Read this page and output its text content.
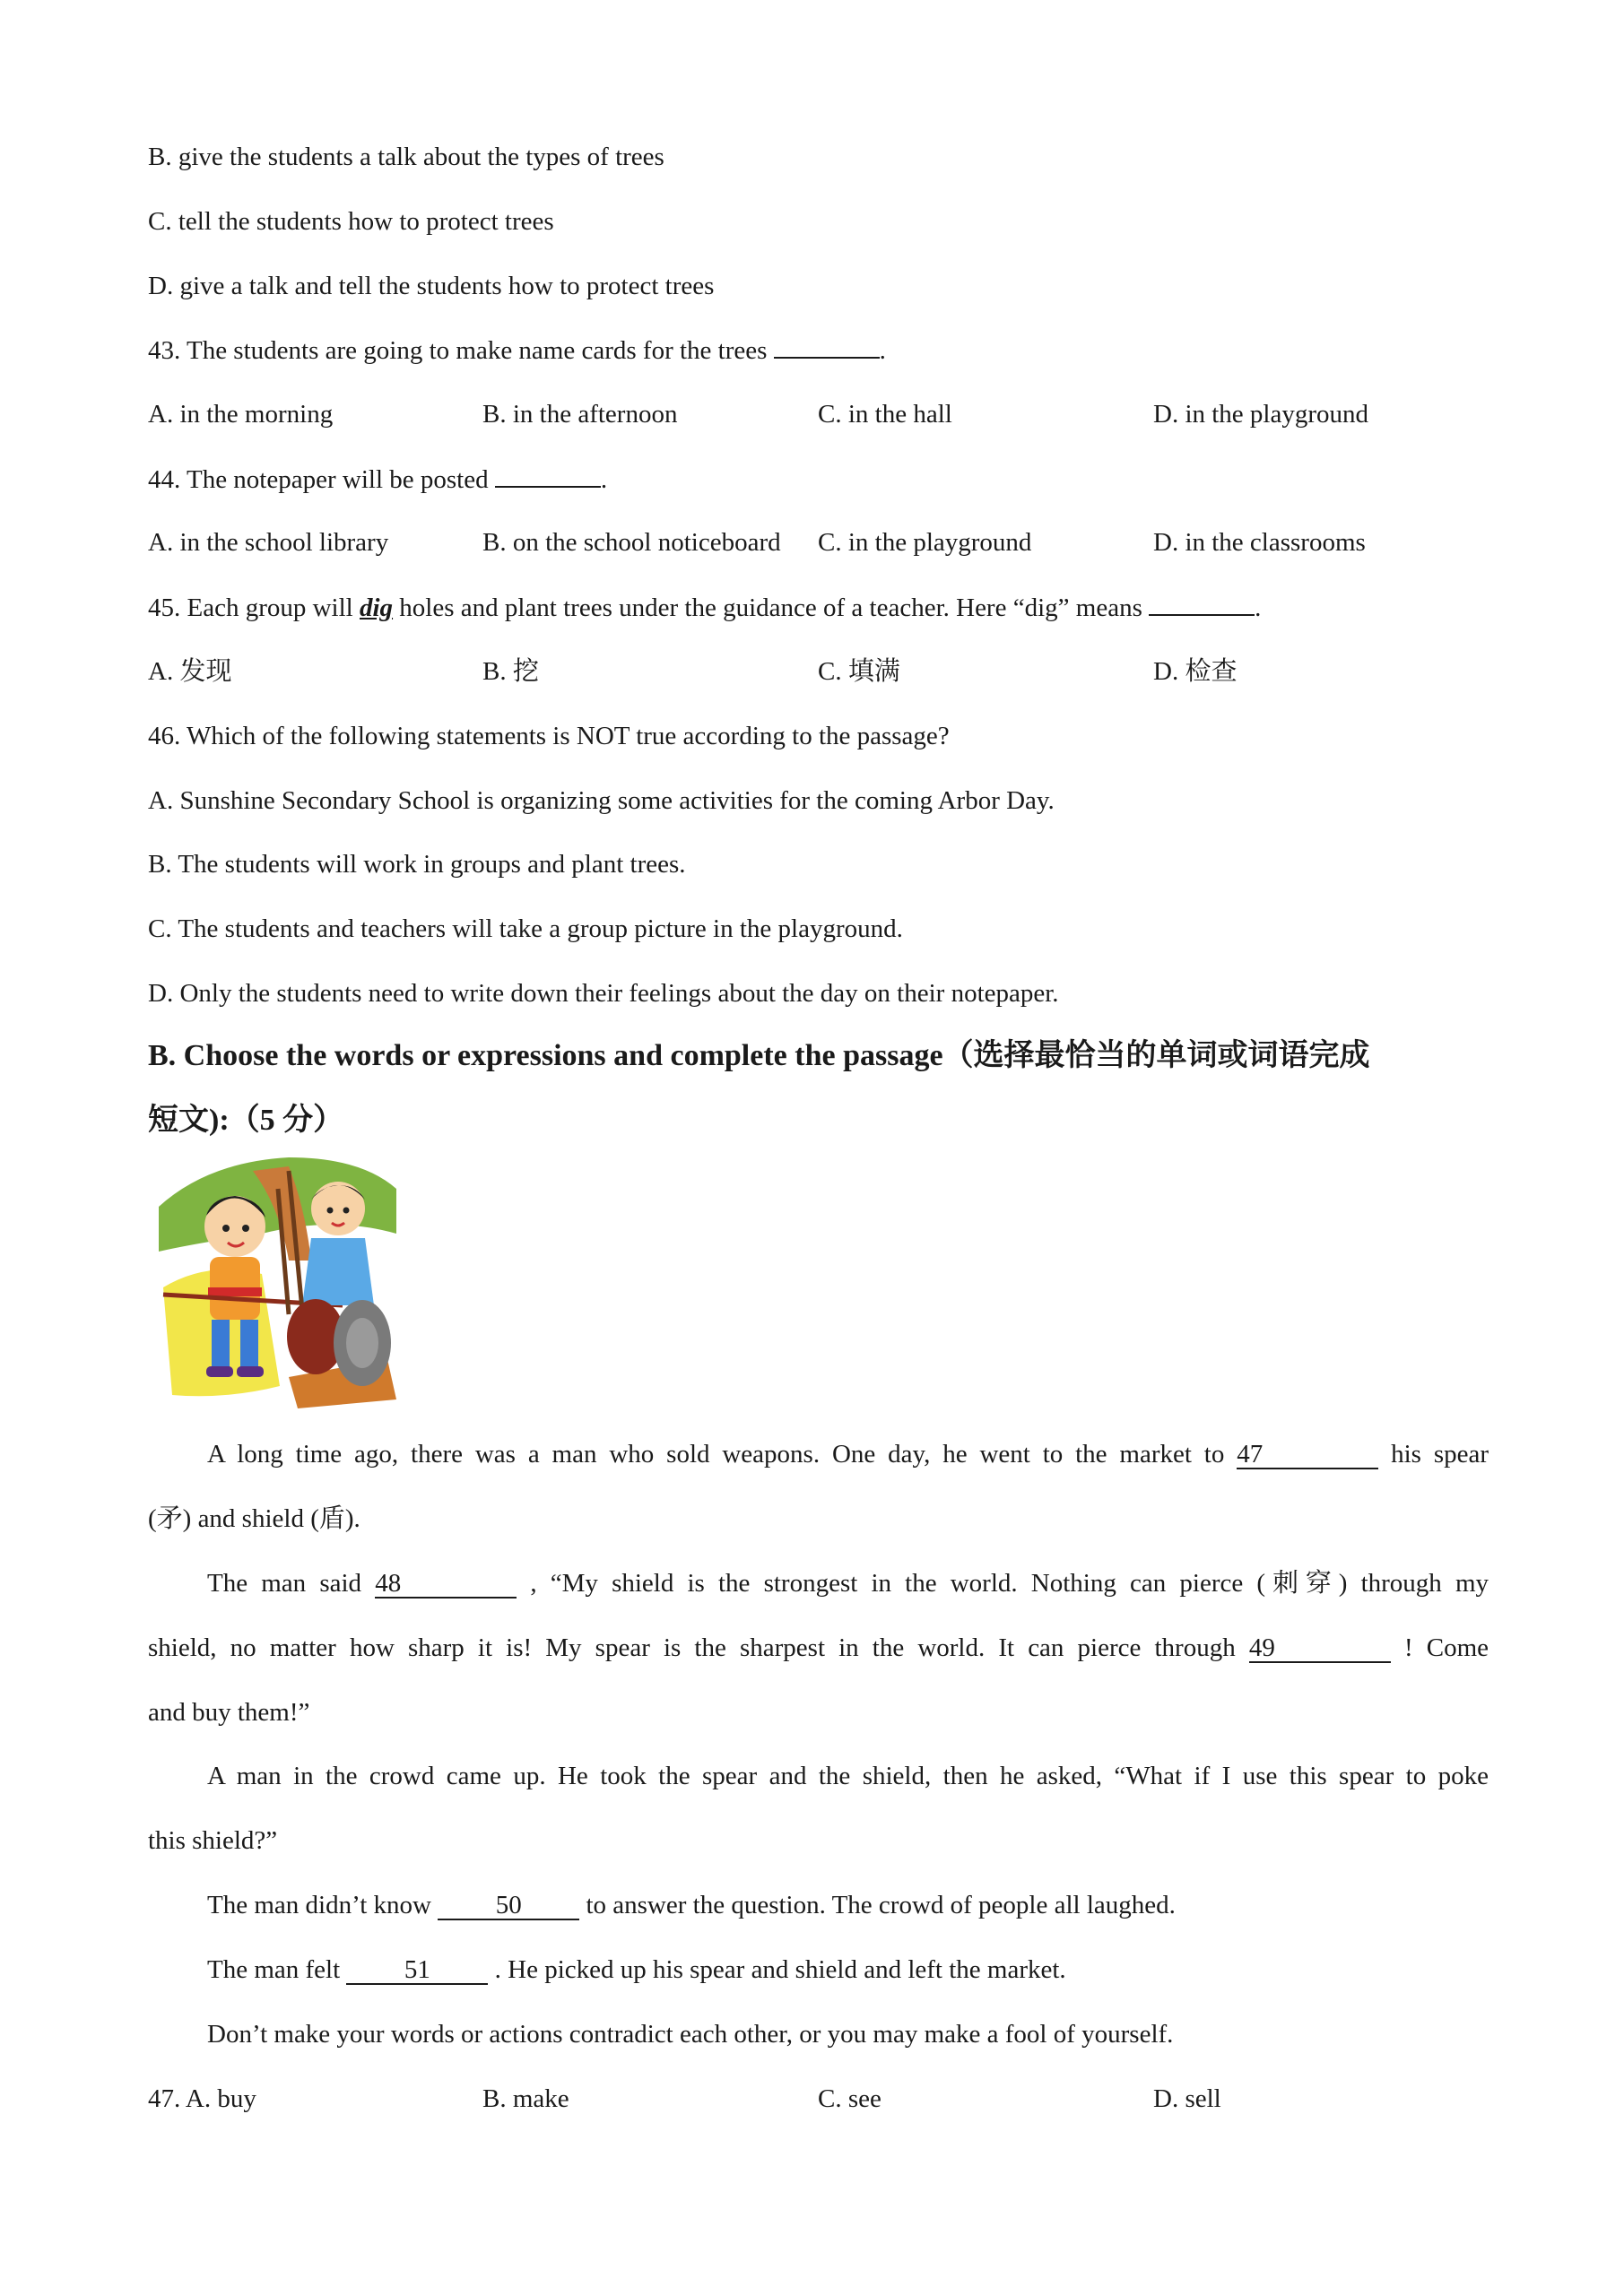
B. give the students a talk about the types of trees
C. tell the students how to protect trees
D. give a talk and tell the students how to protect trees
43. The students are going to make name cards for the trees	.
A. in the morning	B. in the afternoon	C. in the hall	D. in the playground
44. The notepaper will be posted	.
A. in the school library	B. on the school noticeboard C. in the playground	D. in the classrooms
45. Each group will dig holes and plant trees under the guidance of a teacher. Here “dig” means	.
A. 发现	B. 挖	C. 填满	D. 检查
46. Which of the following statements is NOT true according to the passage?
A. Sunshine Secondary School is organizing some activities for the coming Arbor Day.
B. The students will work in groups and plant trees.
C. The students and teachers will take a group picture in the playground.
D. Only the students need to write down their feelings about the day on their notepaper.
B. Choose the words or expressions and complete the passage（选择最恰当的单词或词语完成
短文):（5 分）
A long time ago, there was a man who sold weapons. One day, he went to the market to 47	his spear
(矛) and shield (盾).
The man said 48	, “My shield is the strongest in the world. Nothing can pierce (刺穿) through my
shield, no matter how sharp it is! My spear is the sharpest in the world. It can pierce through 49	! Come
and buy them!”
A man in the crowd came up. He took the spear and the shield, then he asked, “What if I use this spear to poke
this shield?”
The man didn’t know 50 to answer the question. The crowd of people all laughed.
The man felt 51 . He picked up his spear and shield and left the market.
Don’t make your words or actions contradict each other, or you may make a fool of yourself.
47. A. buy	B. make	C. see	D. sell
